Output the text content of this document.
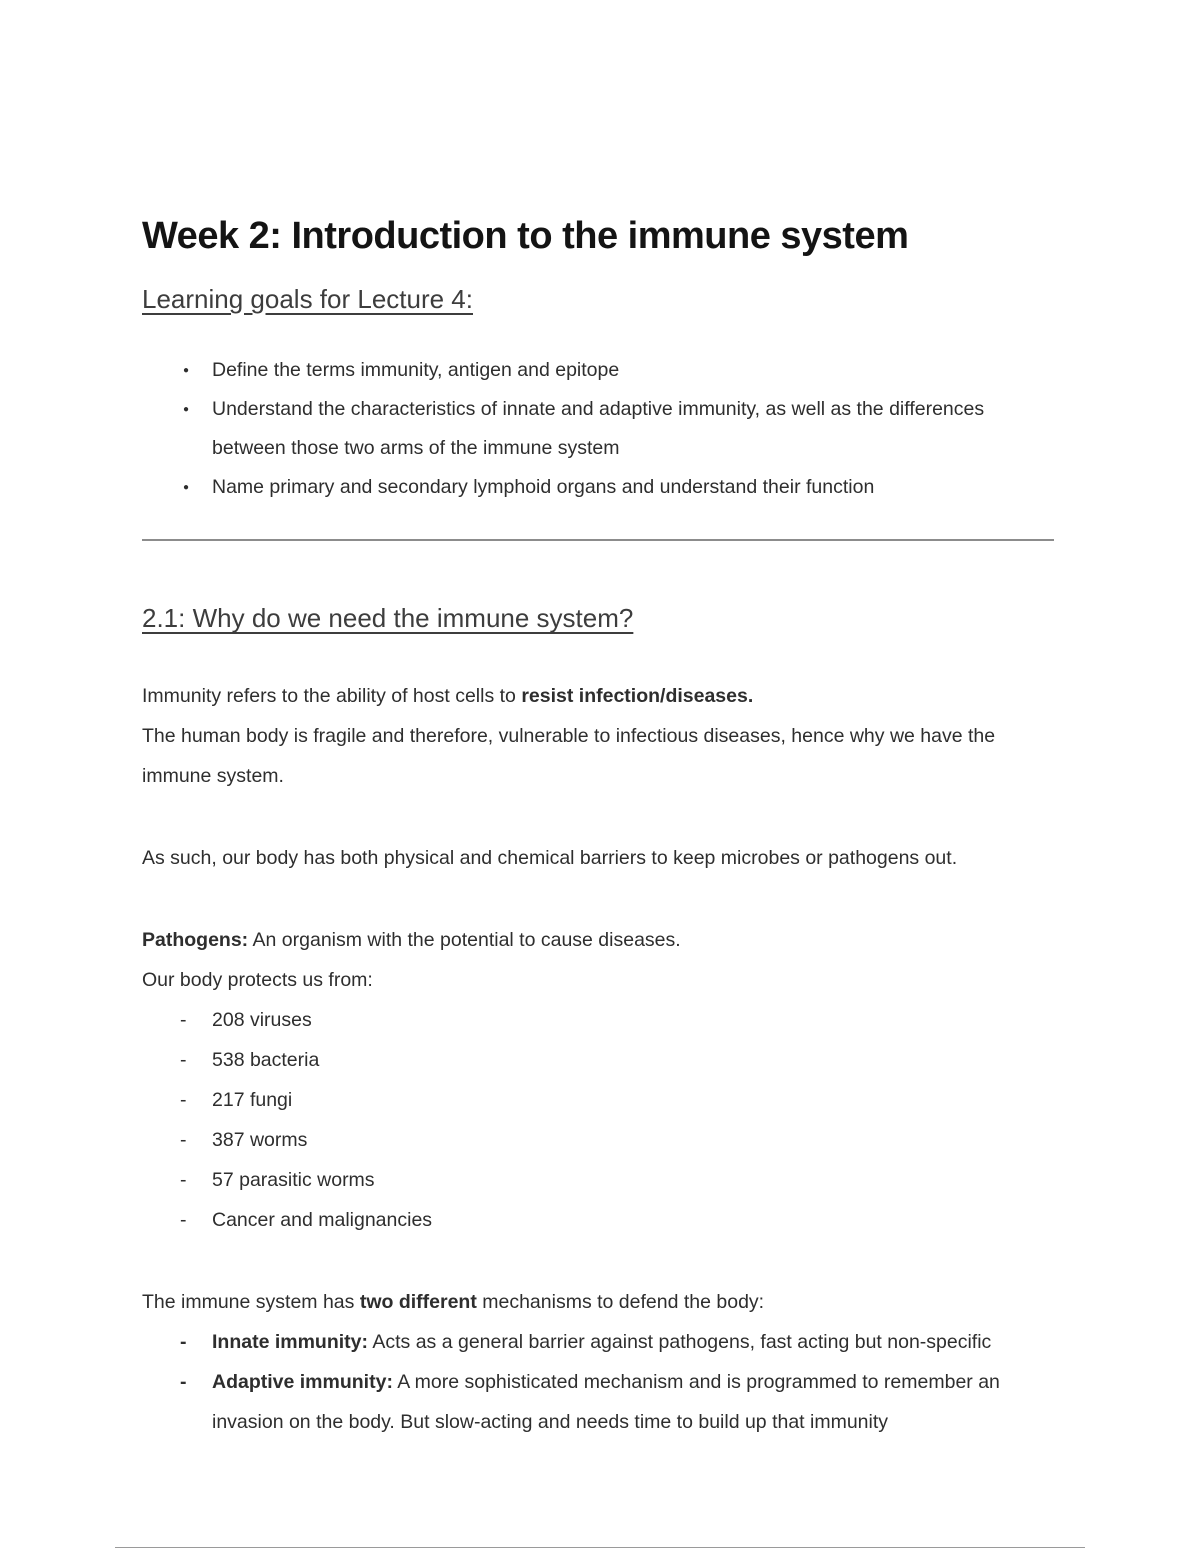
Week 2: Introduction to the immune system
Learning goals for Lecture 4:
● Define the terms immunity, antigen and epitope
● Understand the characteristics of innate and adaptive immunity, as well as the differences between those two arms of the immune system
● Name primary and secondary lymphoid organs and understand their function
2.1: Why do we need the immune system?

Immunity refers to the ability of host cells to resist infection/diseases.
The human body is fragile and therefore, vulnerable to infectious diseases, hence why we have the immune system.

As such, our body has both physical and chemical barriers to keep microbes or pathogens out.

Pathogens: An organism with the potential to cause diseases.
Our body protects us from:

- 208 viruses
- 538 bacteria
- 217 fungi
- 387 worms
- 57 parasitic worms
- Cancer and malignancies

The immune system has two different mechanisms to defend the body:

- Innate immunity: Acts as a general barrier against pathogens, fast acting but non-specific
- Adaptive immunity: A more sophisticated mechanism and is programmed to remember an invasion on the body. But slow-acting and needs time to build up that immunity
